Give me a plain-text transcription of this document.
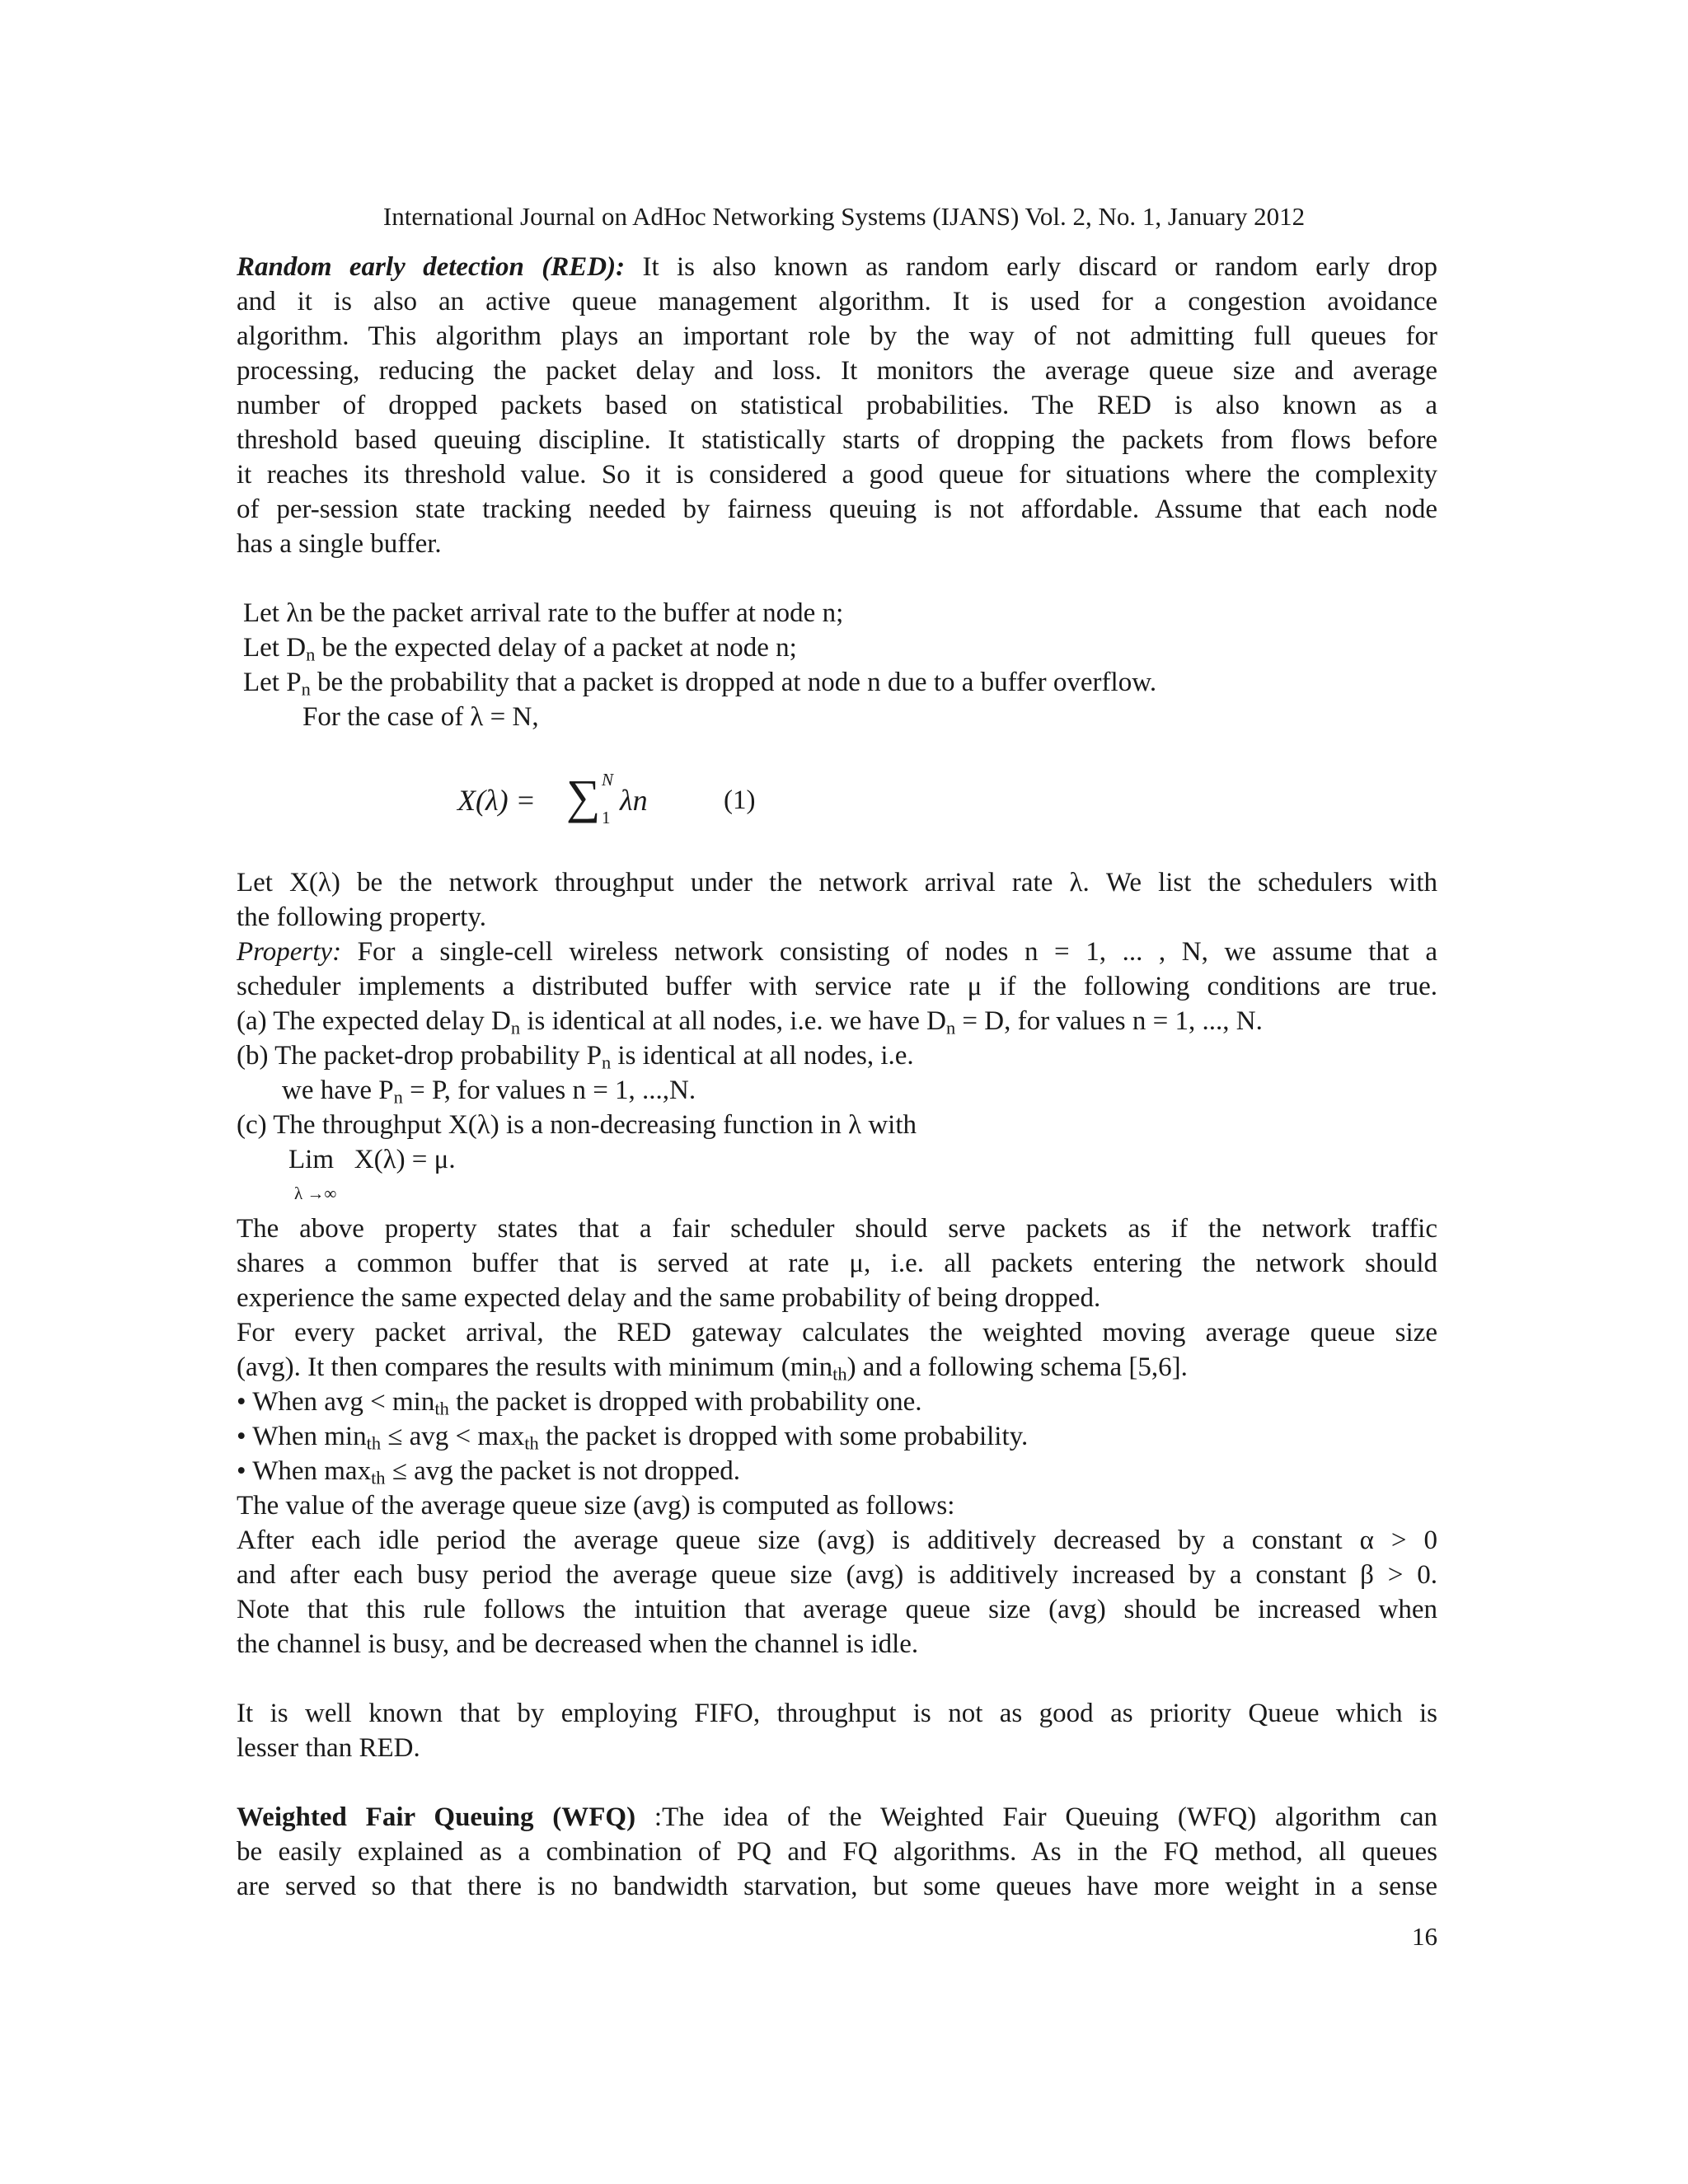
International Journal on AdHoc Networking Systems (IJANS) Vol. 2, No. 1, January 2012
Random early detection (RED): It is also known as random early discard or random early drop
and it is also an active queue management algorithm. It is used for a congestion avoidance
algorithm. This algorithm plays an important role by the way of not admitting full queues for
processing, reducing the packet delay and loss. It monitors the average queue size and average
number of dropped packets based on statistical probabilities. The RED is also known as a
threshold based queuing discipline. It statistically starts of dropping the packets from flows before
it reaches its threshold value. So it is considered a good queue for situations where the complexity
of per-session state tracking needed by fairness queuing is not affordable. Assume that each node
has a single buffer.
Let λn be the packet arrival rate to the buffer at node n;
Let $D_n$ be the expected delay of a packet at node n;
Let $P_n$ be the probability that a packet is dropped at node n due to a buffer overflow.
For the case of λ = N,
X(λ) = ∑ N
1
λn	(1)
Let X(λ) be the network throughput under the network arrival rate λ. We list the schedulers with
the following property.
Property: For a single-cell wireless network consisting of nodes n = 1, ... , N, we assume that a
scheduler implements a distributed buffer with service rate μ if the following conditions are true.
(a) The expected delay $D_n$ is identical at all nodes, i.e. we have $D_n = D$, for values n = 1, ..., N.
(b) The packet-drop probability $P_n$ is identical at all nodes, i.e.
we have $P_n = P$, for values n = 1, ...,N.
(c) The throughput X(λ) is a non-decreasing function in λ with
Lim   X(λ) = μ.
λ →∞
The above property states that a fair scheduler should serve packets as if the network traffic
shares a common buffer that is served at rate μ, i.e. all packets entering the network should
experience the same expected delay and the same probability of being dropped.
For every packet arrival, the RED gateway calculates the weighted moving average queue size
(avg). It then compares the results with minimum $(\min_{th})$ and a following schema [5,6].
• When avg < $\min_{th}$ the packet is dropped with probability one.
• When $\min_{th}$ ≤ avg < $\max_{th}$ the packet is dropped with some probability.
• When $\max_{th}$ ≤ avg the packet is not dropped.
The value of the average queue size (avg) is computed as follows:
After each idle period the average queue size (avg) is additively decreased by a constant α > 0
and after each busy period the average queue size (avg) is additively increased by a constant β > 0.
Note that this rule follows the intuition that average queue size (avg) should be increased when
the channel is busy, and be decreased when the channel is idle.
It is well known that by employing FIFO, throughput is not as good as priority Queue which is
lesser than RED.
Weighted Fair Queuing (WFQ) :The idea of the Weighted Fair Queuing (WFQ) algorithm can
be easily explained as a combination of PQ and FQ algorithms. As in the FQ method, all queues
are served so that there is no bandwidth starvation, but some queues have more weight in a sense
16
